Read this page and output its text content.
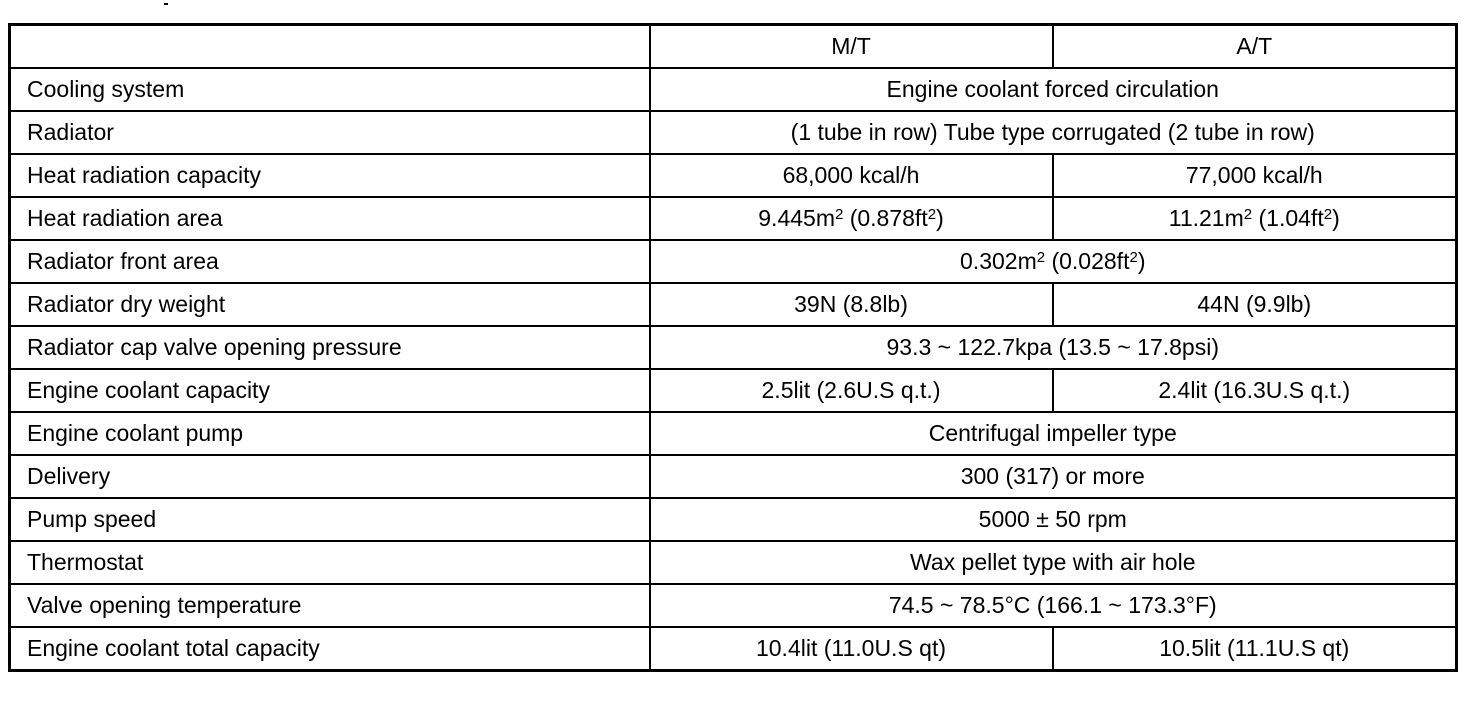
	M/T	A/T
Cooling system	Engine coolant forced circulation	
Radiator	(1 tube in row) Tube type corrugated (2 tube in row)	
Heat radiation capacity	68,000 kcal/h	77,000 kcal/h
Heat radiation area	$9.445m^2$ $(0.878ft^2)$	$11.21m^2$ $(1.04ft^2)$
Radiator front area	$0.302m^2$ $(0.028ft^2)$	
Radiator dry weight	39N (8.8lb)	44N (9.9lb)
Radiator cap valve opening pressure	93.3 ~ 122.7kpa (13.5 ~ 17.8psi)	
Engine coolant capacity	2.5lit (2.6U.S q.t.)	2.4lit (16.3U.S q.t.)
Engine coolant pump	Centrifugal impeller type	
Delivery	300 (317) or more	
Pump speed	5000 ± 50 rpm	
Thermostat	Wax pellet type with air hole	
Valve opening temperature	74.5 ~ 78.5°C (166.1 ~ 173.3°F)	
Engine coolant total capacity	10.4lit (11.0U.S qt)	10.5lit (11.1U.S qt)
